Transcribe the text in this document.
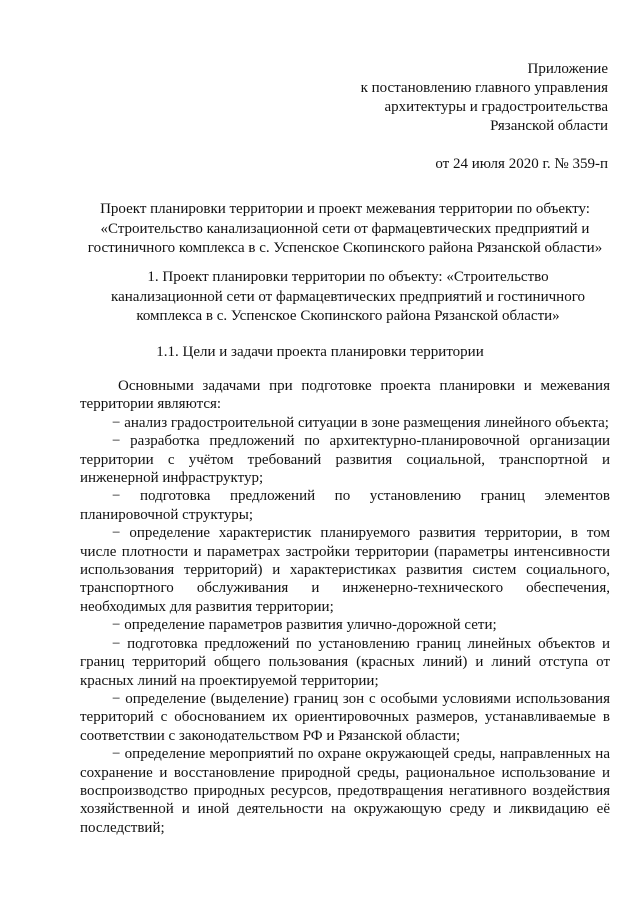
Приложение
к постановлению главного управления
архитектуры и градостроительства
Рязанской области
от 24 июля 2020 г. № 359-п
Проект планировки территории и проект межевания территории по объекту: «Строительство канализационной сети от фармацевтических предприятий и гостиничного комплекса в с. Успенское Скопинского района Рязанской области»
1. Проект планировки территории по объекту: «Строительство канализационной сети от фармацевтических предприятий и гостиничного комплекса в с. Успенское Скопинского района Рязанской области»
1.1. Цели и задачи проекта планировки территории

Основными задачами при подготовке проекта планировки и межевания территории являются:

− анализ градостроительной ситуации в зоне размещения линейного объекта;

− разработка предложений по архитектурно-планировочной организации территории с учётом требований развития социальной, транспортной и инженерной инфраструктур;

− подготовка предложений по установлению границ элементов планировочной структуры;

− определение характеристик планируемого развития территории, в том числе плотности и параметрах застройки территории (параметры интенсивности использования территорий) и характеристиках развития систем социального, транспортного обслуживания и инженерно-технического обеспечения, необходимых для развития территории;

− определение параметров развития улично-дорожной сети;

− подготовка предложений по установлению границ линейных объектов и границ территорий общего пользования (красных линий) и линий отступа от красных линий на проектируемой территории;

− определение (выделение) границ зон с особыми условиями использования территорий с обоснованием их ориентировочных размеров, устанавливаемые в соответствии с законодательством РФ и Рязанской области;

− определение мероприятий по охране окружающей среды, направленных на сохранение и восстановление природной среды, рациональное использование и воспроизводство природных ресурсов, предотвращения негативного воздействия хозяйственной и иной деятельности на окружающую среду и ликвидацию её последствий;
